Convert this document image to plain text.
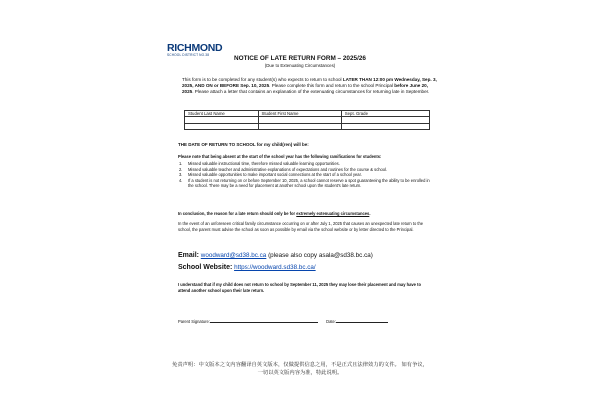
RICHMOND
SCHOOL DISTRICT NO.38	NOTICE OF LATE RETURN FORM – 2025/26
(Due to Extenuating Circumstances)
This form is to be completed for any student(s) who expects to return to school LATER THAN 12:00 pm Wednesday, Sep. 3, 2025, AND ON or BEFORE Sep. 10, 2025. Please complete this form and return to the school Principal before June 20, 2025. Please attach a letter that contains an explanation of the extenuating circumstances for returning late in September.
Student Last Name	Student First Name	Sept. Grade

THE DATE OF RETURN TO SCHOOL for my child(ren) will be:
Please note that being absent at the start of the school year has the following ramifications for students:
1. Missed valuable instructional time, therefore missed valuable learning opportunities.
2. Missed valuable teacher and administrative explanations of expectations and routines for the course & school.
3. Missed valuable opportunities to make important social connections at the start of a school year.
4. If a student is not returning on or before September 10, 2025, a school cannot reserve a spot guaranteeing the ability to be enrolled in the school. There may be a need for placement at another school upon the student's late return.
In conclusion, the reason for a late return should only be for extremely extenuating circumstances.
In the event of an unforeseen critical family circumstance occurring on or after July 1, 2025 that causes an unexpected late return to the school, the parent must advise the school as soon as possible by email via the school website or by letter directed to the Principal.
Email: woodward@sd38.bc.ca (please also copy asala@sd38.bc.ca)
School Website: https://woodward.sd38.bc.ca/
I understand that if my child does not return to school by September 11, 2025 they may lose their placement and may have to attend another school upon their late return.
Parent Signature:	Date:
免责声明：中文版本之文内容翻译自英文版本，仅做提供信息之用，不是正式且法律效力的文件。 如有争议，
一切以英文版内容为准，特此说明。
